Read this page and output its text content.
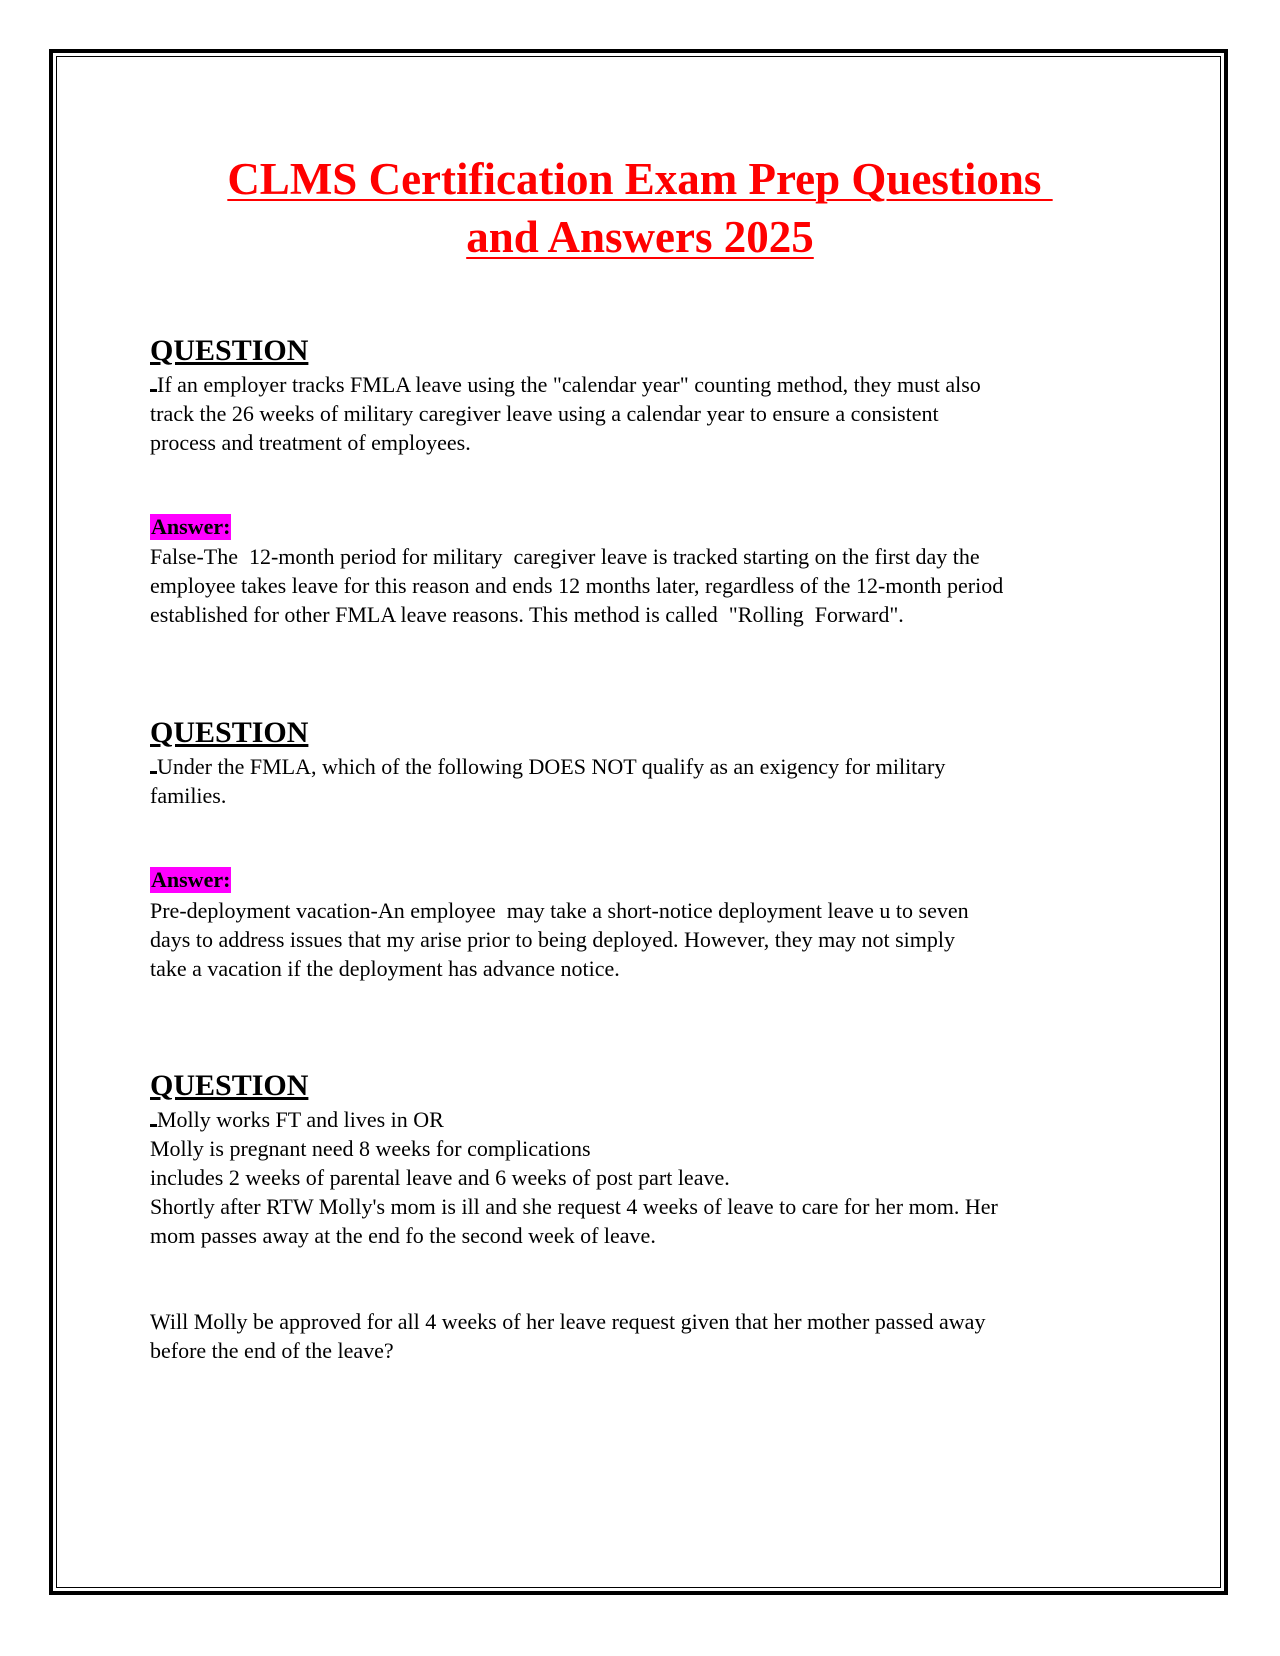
CLMS Certification Exam Prep Questions
and Answers 2025

QUESTION

If an employer tracks FMLA leave using the "calendar year" counting method, they must also
track the 26 weeks of military caregiver leave using a calendar year to ensure a consistent
process and treatment of employees.
Answer:
False-The  12-month period for military  caregiver leave is tracked starting on the first day the
employee takes leave for this reason and ends 12 months later, regardless of the 12-month period
established for other FMLA leave reasons. This method is called  "Rolling  Forward".

QUESTION

Under the FMLA, which of the following DOES NOT qualify as an exigency for military
families.
Answer:
Pre-deployment vacation-An employee  may take a short-notice deployment leave u to seven
days to address issues that my arise prior to being deployed. However, they may not simply
take a vacation if the deployment has advance notice.

QUESTION

Molly works FT and lives in OR
Molly is pregnant need 8 weeks for complications
includes 2 weeks of parental leave and 6 weeks of post part leave.
Shortly after RTW Molly's mom is ill and she request 4 weeks of leave to care for her mom. Her
mom passes away at the end fo the second week of leave.
Will Molly be approved for all 4 weeks of her leave request given that her mother passed away
before the end of the leave?
